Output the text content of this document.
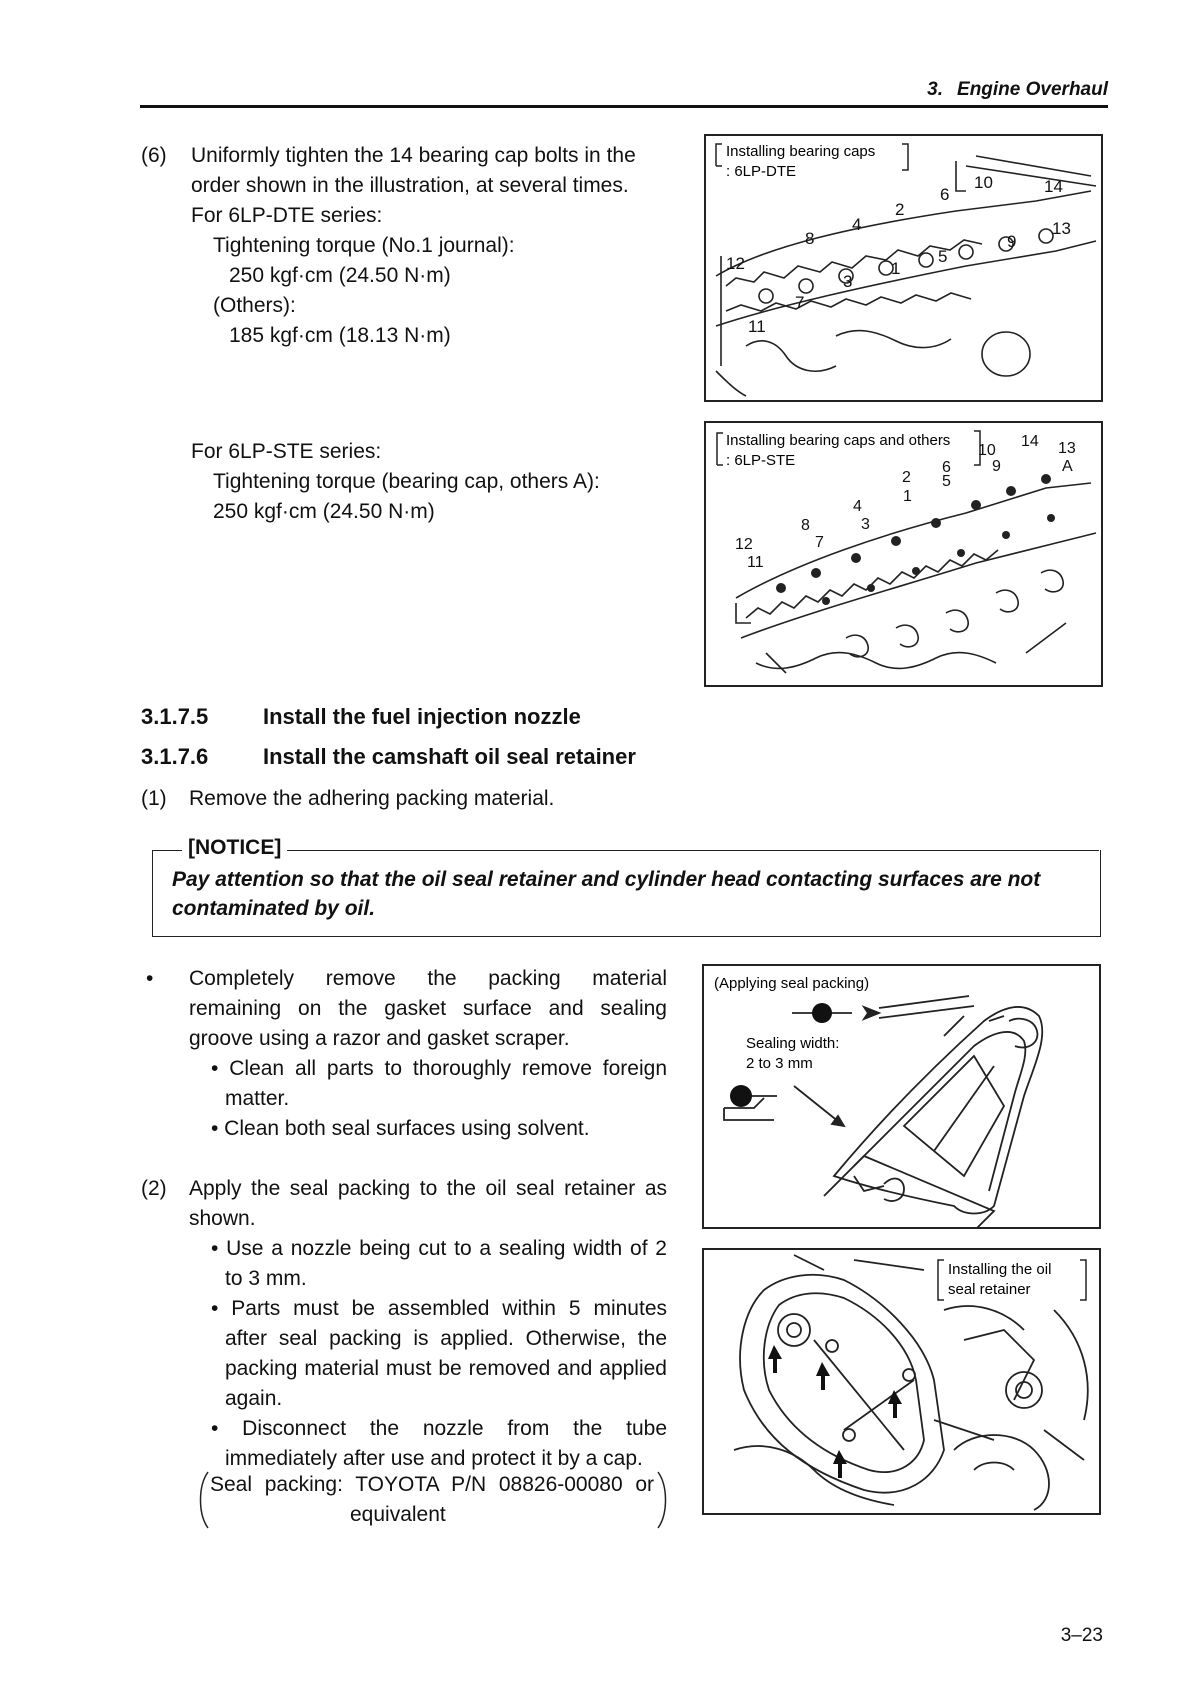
3. Engine Overhaul
(6) Uniformly tighten the 14 bearing cap bolts in the
order shown in the illustration, at several times.
For 6LP-DTE series:
Tightening torque (No.1 journal):
250 kgf·cm (24.50 N·m)
(Others):
185 kgf·cm (18.13 N·m)
For 6LP-STE series:
Tightening torque (bearing cap, others A):
250 kgf·cm (24.50 N·m)
Installing bearing caps
: 6LP-DTE
1
2
3
4
5
6
7
8	9
10
11
12
13
14
Installing bearing caps and others
: 6LP-STE
1
2
3
4
5
6
7
8
9
10
11
12
13
14
A
3.1.7.5 Install the fuel injection nozzle
3.1.7.6 Install the camshaft oil seal retainer
(1) Remove the adhering packing material.
[NOTICE]
Pay attention so that the oil seal retainer and cylinder head contacting surfaces are not
contaminated by oil.
• Completely remove the packing material
remaining on the gasket surface and sealing
groove using a razor and gasket scraper.
• Clean all parts to thoroughly remove foreign
matter.
• Clean both seal surfaces using solvent.
(2) Apply the seal packing to the oil seal retainer as
shown.
• Use a nozzle being cut to a sealing width of 2
to 3 mm.
• Parts must be assembled within 5 minutes
after seal packing is applied. Otherwise, the
packing material must be removed and applied
again.
• Disconnect the nozzle from the tube
immediately after use and protect it by a cap.
Seal packing: TOYOTA P/N 08826-00080 or
equivalent
(Applying seal packing)
Sealing width:
2 to 3 mm
Installing the oil
seal retainer
3–23
